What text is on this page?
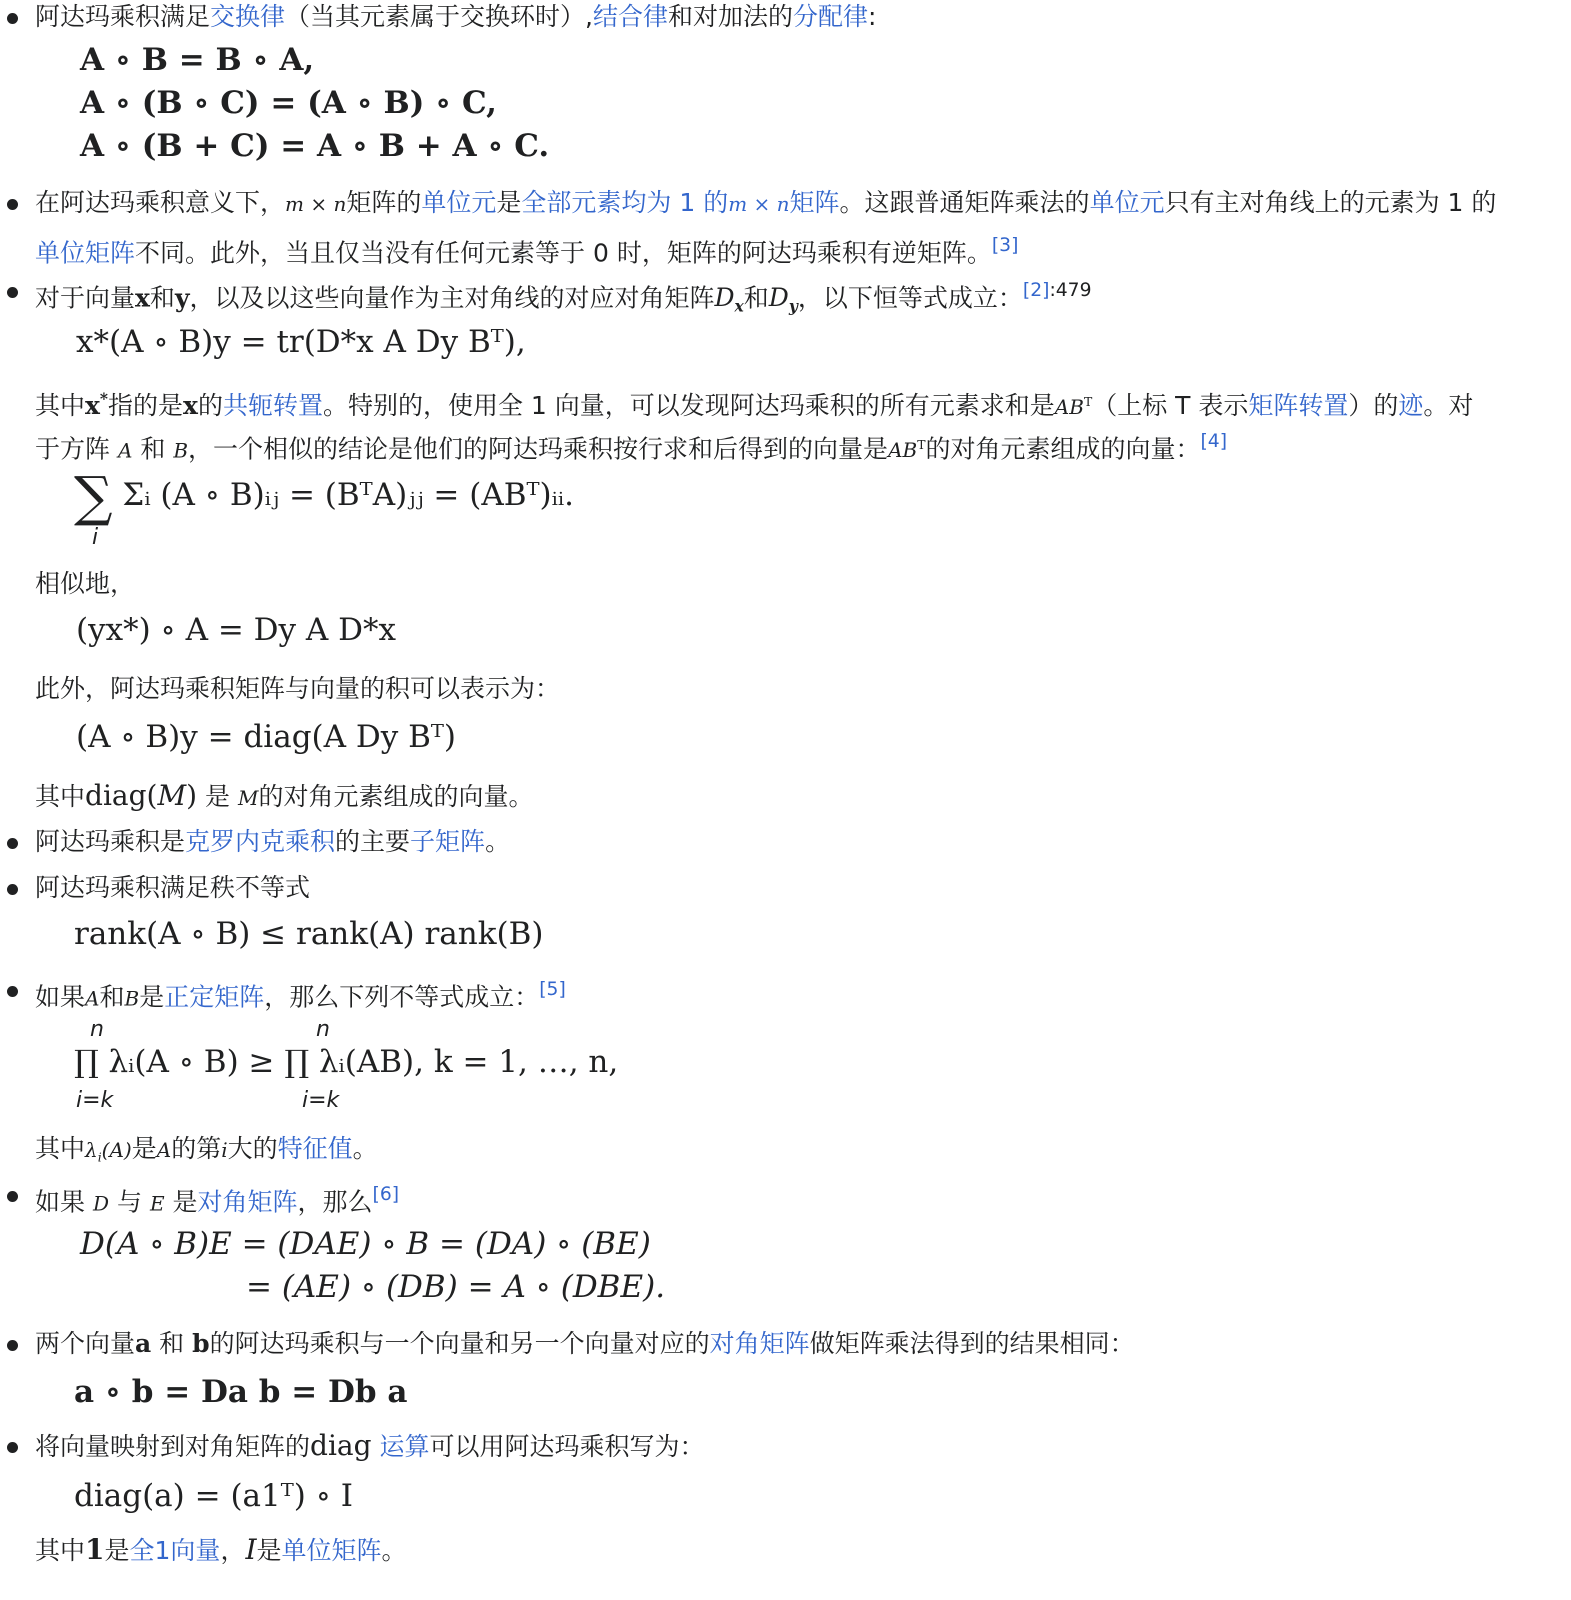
阿达玛乘积满足交换律（当其元素属于交换环时）,结合律和对加法的分配律:
A ∘ B = B ∘ A,
A ∘ (B ∘ C) = (A ∘ B) ∘ C,
A ∘ (B + C) = A ∘ B + A ∘ C.
在阿达玛乘积意义下，m × n矩阵的单位元是全部元素均为 1 的m × n矩阵。这跟普通矩阵乘法的单位元只有主对角线上的元素为 1 的
单位矩阵不同。此外，当且仅当没有任何元素等于 0 时，矩阵的阿达玛乘积有逆矩阵。[3]
对于向量x和y，以及以这些向量作为主对角线的对应对角矩阵$D_x$和$D_y$，以下恒等式成立：$^{[2]:479}$
x*(A ∘ B)y = tr(D*x A Dy Bᵀ),
其中x*指的是x的共轭转置。特别的，使用全 1 向量，可以发现阿达玛乘积的所有元素求和是$AB^T$（上标 T 表示矩阵转置）的迹。对
于方阵 A 和 B，一个相似的结论是他们的阿达玛乘积按行求和后得到的向量是$AB^T$的对角元素组成的向量：[4]
∑ Σᵢ (A ∘ B)ᵢⱼ = (BᵀA)ⱼⱼ = (ABᵀ)ᵢᵢ.
i
相似地，
(yx*) ∘ A = Dy A D*x
此外，阿达玛乘积矩阵与向量的积可以表示为：
(A ∘ B)y = diag(A Dy Bᵀ)
其中diag(M) 是 M的对角元素组成的向量。
阿达玛乘积是克罗内克乘积的主要子矩阵。
阿达玛乘积满足秩不等式
rank(A ∘ B) ≤ rank(A) rank(B)
如果A和B是正定矩阵，那么下列不等式成立：[5]
n	n
∏ λᵢ(A ∘ B) ≥ ∏ λᵢ(AB), k = 1, …, n,
i=k	i=k
其中$\lambda_i(A)$是A的第i大的特征值。
如果 D 与 E 是对角矩阵，那么[6]
D(A ∘ B)E = (DAE) ∘ B = (DA) ∘ (BE)
= (AE) ∘ (DB) = A ∘ (DBE).
两个向量a 和 b的阿达玛乘积与一个向量和另一个向量对应的对角矩阵做矩阵乘法得到的结果相同：
a ∘ b = Da b = Db a
将向量映射到对角矩阵的diag 运算可以用阿达玛乘积写为：
diag(a) = (a1ᵀ) ∘ I
其中1是全1向量，I是单位矩阵。
